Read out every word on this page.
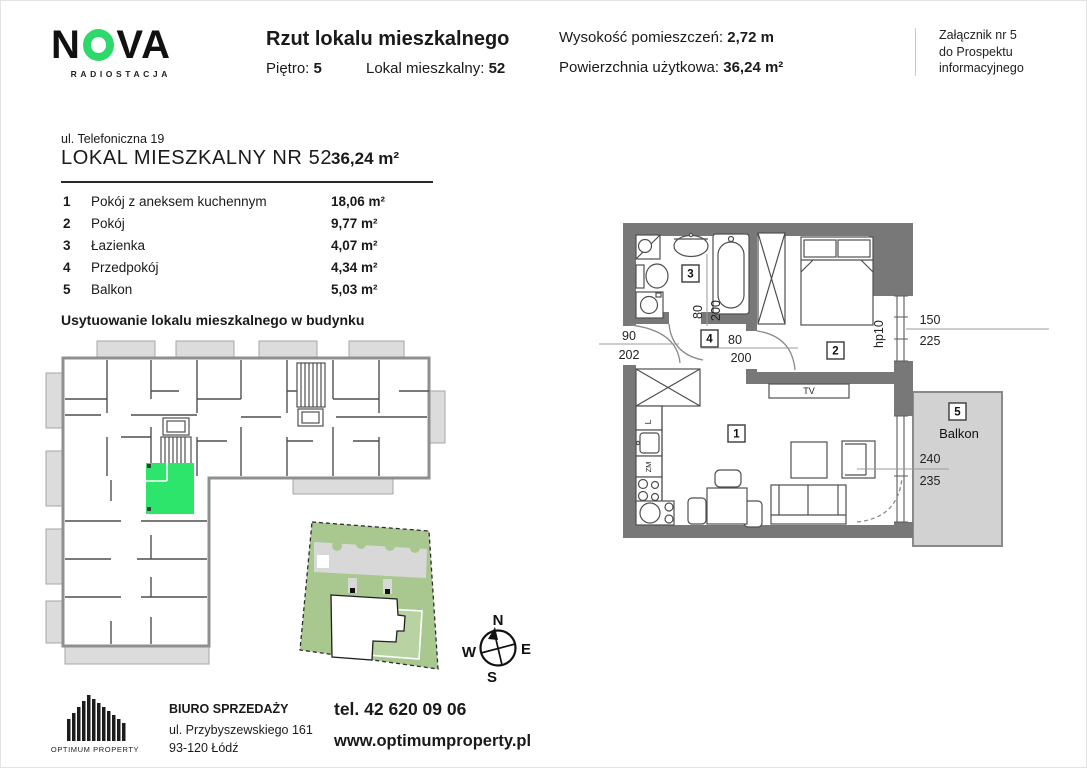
N VA
RADIOSTACJA
Rzut lokalu mieszkalnego
Piętro: 5	Lokal mieszkalny: 52
Wysokość pomieszczeń: 2,72 m
Powierzchnia użytkowa: 36,24 m²
Załącznik nr 5
do Prospektu
informacyjnego
ul. Telefoniczna 19
LOKAL MIESZKALNY NR 52
36,24 m²
1 Pokój z aneksem kuchennym	18,06 m²
2 Pokój	9,77 m²
3 Łazienka	4,07 m²
4 Przedpokój	4,34 m²
5 Balkon	5,03 m²
Usytuowanie lokalu mieszkalnego w budynku
N
S
W	E
TV
L
ZM
3
4
2
1
5
Balkon
90
202
80 200
80
200
hp10
150
225
240
235
OPTIMUM PROPERTY
BIURO SPRZEDAŻY
ul. Przybyszewskiego 161
93-120 Łódź
tel. 42 620 09 06
www.optimumproperty.pl
